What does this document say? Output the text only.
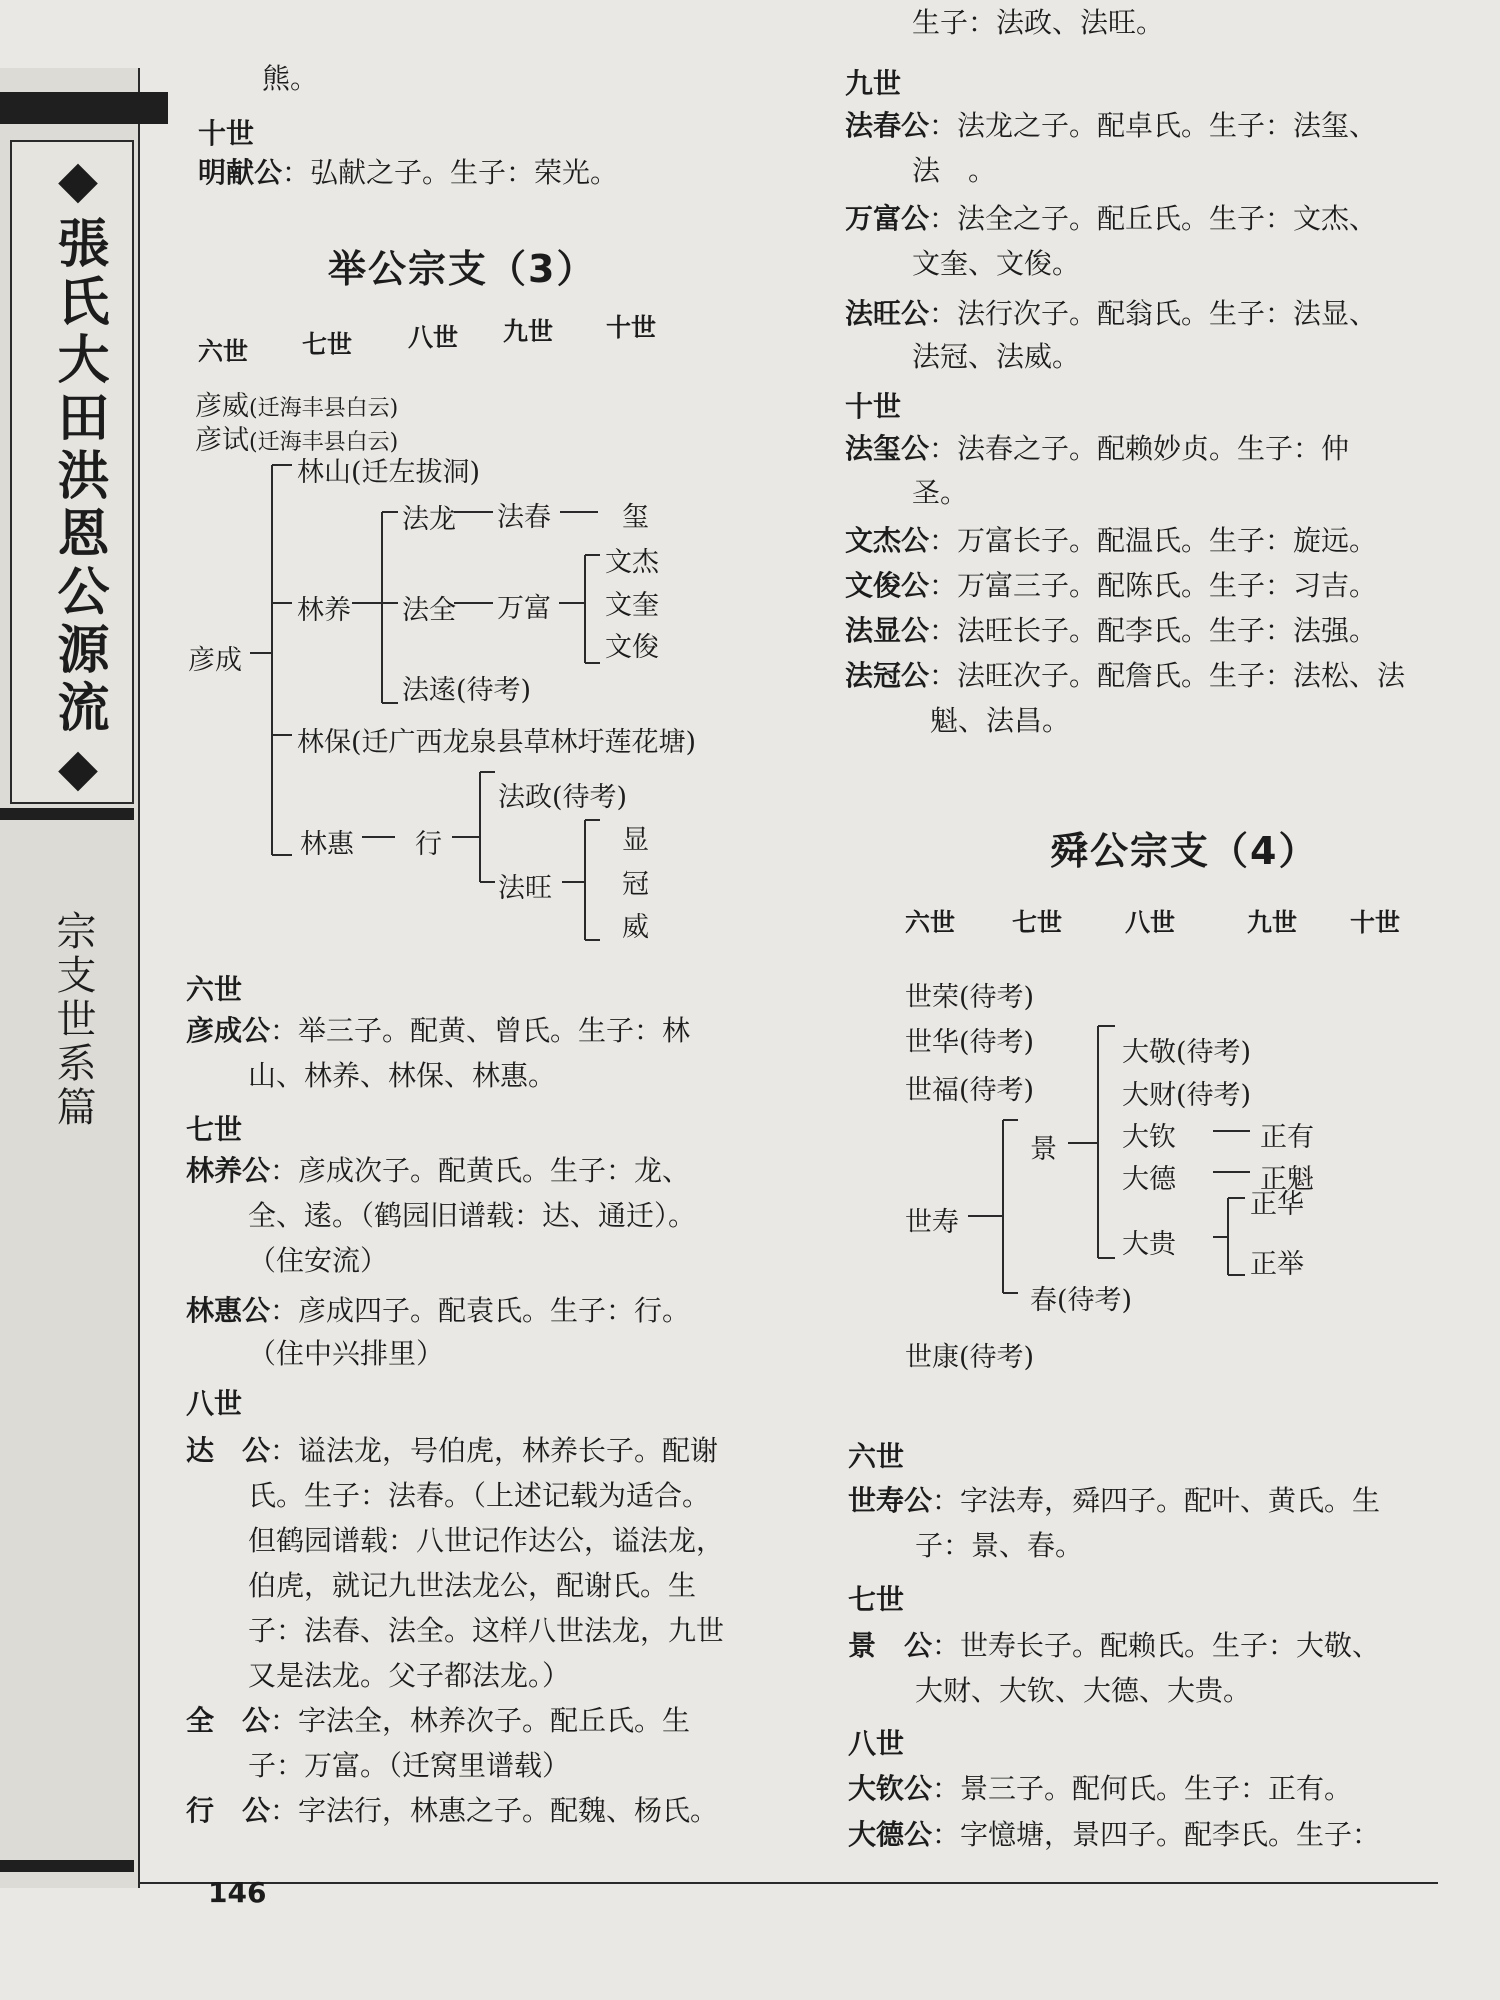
◆張氏大田洪恩公源流◆
宗支世系篇
146
熊。
十世
明献公：弘献之子。生子：荣光。
举公宗支（3）
六世 七世 八世 九世 十世
彦威(迁海丰县白云)
彦试(迁海丰县白云)
彦成
林山(迁左拔洞)
林养
法龙 法春	玺
法全 万富
文杰
文奎
文俊
法逺(待考)
林保(迁广西龙泉县草林圩莲花塘)
林惠 行
法政(待考)
法旺
显
冠
威
六世
彦成公：举三子。配黄、曾氏。生子：林
山、林养、林保、林惠。
七世
林养公：彦成次子。配黄氏。生子：龙、
全、逺。（鹤园旧谱载：达、通迁）。
（住安流）
林惠公：彦成四子。配袁氏。生子：行。
（住中兴排里）
八世
达　公：谥法龙，号伯虎，林养长子。配谢
氏。生子：法春。（上述记载为适合。
但鹤园谱载：八世记作达公，谥法龙，
伯虎，就记九世法龙公，配谢氏。生
子：法春、法全。这样八世法龙，九世
又是法龙。父子都法龙。）
全　公：字法全，林养次子。配丘氏。生
子：万富。（迁窝里谱载）
行　公：字法行，林惠之子。配魏、杨氏。
生子：法政、法旺。
九世
法春公：法龙之子。配卓氏。生子：法玺、
法　。
万富公：法全之子。配丘氏。生子：文杰、
文奎、文俊。
法旺公：法行次子。配翁氏。生子：法显、
法冠、法威。
十世
法玺公：法春之子。配赖妙贞。生子：仲
圣。
文杰公：万富长子。配温氏。生子：旋远。
文俊公：万富三子。配陈氏。生子：习吉。
法显公：法旺长子。配李氏。生子：法强。
法冠公：法旺次子。配詹氏。生子：法松、法
魁、法昌。
舜公宗支（4）
六世 七世	八世	九世 十世
世荣(待考)
世华(待考)
世福(待考)
世寿
景
大敬(待考)
大财(待考)
大钦	正有
大德	正魁
大贵
正华
正举
春(待考)
世康(待考)
六世
世寿公：字法寿，舜四子。配叶、黄氏。生
子：景、春。
七世
景　公：世寿长子。配赖氏。生子：大敬、
大财、大钦、大德、大贵。
八世
大钦公：景三子。配何氏。生子：正有。
大德公：字憶塘，景四子。配李氏。生子：
